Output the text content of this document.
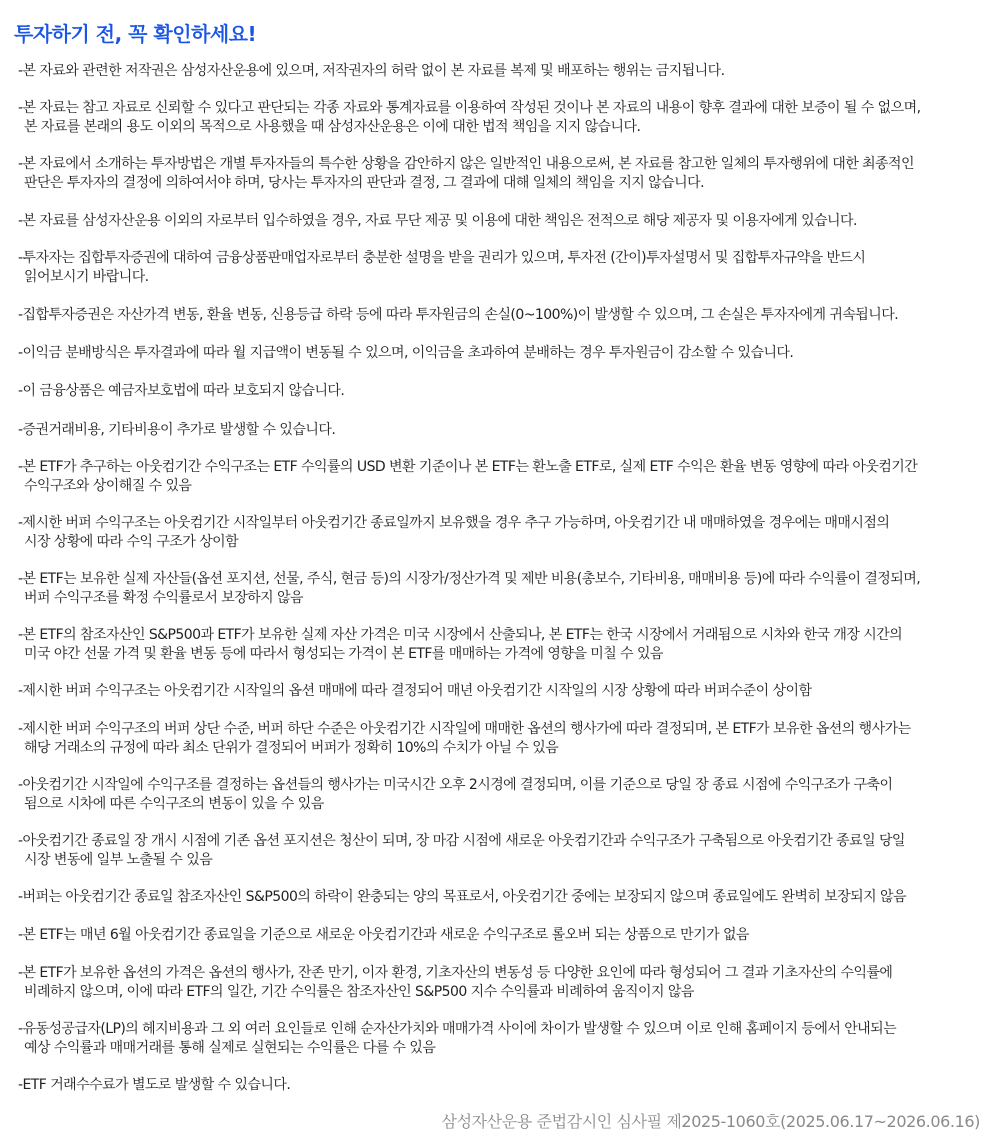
투자하기 전, 꼭 확인하세요!
-본 자료와 관련한 저작권은 삼성자산운용에 있으며, 저작권자의 허락 없이 본 자료를 복제 및 배포하는 행위는 금지됩니다.
-본 자료는 참고 자료로 신뢰할 수 있다고 판단되는 각종 자료와 통계자료를 이용하여 작성된 것이나 본 자료의 내용이 향후 결과에 대한 보증이 될 수 없으며,
본 자료를 본래의 용도 이외의 목적으로 사용했을 때 삼성자산운용은 이에 대한 법적 책임을 지지 않습니다.
-본 자료에서 소개하는 투자방법은 개별 투자자들의 특수한 상황을 감안하지 않은 일반적인 내용으로써, 본 자료를 참고한 일체의 투자행위에 대한 최종적인
판단은 투자자의 결정에 의하여서야 하며, 당사는 투자자의 판단과 결정, 그 결과에 대해 일체의 책임을 지지 않습니다.
-본 자료를 삼성자산운용 이외의 자로부터 입수하였을 경우, 자료 무단 제공 및 이용에 대한 책임은 전적으로 해당 제공자 및 이용자에게 있습니다.
-투자자는 집합투자증권에 대하여 금융상품판매업자로부터 충분한 설명을 받을 권리가 있으며, 투자전 (간이)투자설명서 및 집합투자규약을 반드시
읽어보시기 바랍니다.
-집합투자증권은 자산가격 변동, 환율 변동, 신용등급 하락 등에 따라 투자원금의 손실(0~100%)이 발생할 수 있으며, 그 손실은 투자자에게 귀속됩니다.
-이익금 분배방식은 투자결과에 따라 월 지급액이 변동될 수 있으며, 이익금을 초과하여 분배하는 경우 투자원금이 감소할 수 있습니다.
-이 금융상품은 예금자보호법에 따라 보호되지 않습니다.
-증권거래비용, 기타비용이 추가로 발생할 수 있습니다.
-본 ETF가 추구하는 아웃컴기간 수익구조는 ETF 수익률의 USD 변환 기준이나 본 ETF는 환노출 ETF로, 실제 ETF 수익은 환율 변동 영향에 따라 아웃컴기간
수익구조와 상이해질 수 있음
-제시한 버퍼 수익구조는 아웃컴기간 시작일부터 아웃컴기간 종료일까지 보유했을 경우 추구 가능하며, 아웃컴기간 내 매매하였을 경우에는 매매시점의
시장 상황에 따라 수익 구조가 상이함
-본 ETF는 보유한 실제 자산들(옵션 포지션, 선물, 주식, 현금 등)의 시장가/정산가격 및 제반 비용(총보수, 기타비용, 매매비용 등)에 따라 수익률이 결정되며,
버퍼 수익구조를 확정 수익률로서 보장하지 않음
-본 ETF의 참조자산인 S&P500과 ETF가 보유한 실제 자산 가격은 미국 시장에서 산출되나, 본 ETF는 한국 시장에서 거래됨으로 시차와 한국 개장 시간의
미국 야간 선물 가격 및 환율 변동 등에 따라서 형성되는 가격이 본 ETF를 매매하는 가격에 영향을 미칠 수 있음
-제시한 버퍼 수익구조는 아웃컴기간 시작일의 옵션 매매에 따라 결정되어 매년 아웃컴기간 시작일의 시장 상황에 따라 버퍼수준이 상이함
-제시한 버퍼 수익구조의 버퍼 상단 수준, 버퍼 하단 수준은 아웃컴기간 시작일에 매매한 옵션의 행사가에 따라 결정되며, 본 ETF가 보유한 옵션의 행사가는
해당 거래소의 규정에 따라 최소 단위가 결정되어 버퍼가 정확히 10%의 수치가 아닐 수 있음
-아웃컴기간 시작일에 수익구조를 결정하는 옵션들의 행사가는 미국시간 오후 2시경에 결정되며, 이를 기준으로 당일 장 종료 시점에 수익구조가 구축이
됨으로 시차에 따른 수익구조의 변동이 있을 수 있음
-아웃컴기간 종료일 장 개시 시점에 기존 옵션 포지션은 청산이 되며, 장 마감 시점에 새로운 아웃컴기간과 수익구조가 구축됨으로 아웃컴기간 종료일 당일
시장 변동에 일부 노출될 수 있음
-버퍼는 아웃컴기간 종료일 참조자산인 S&P500의 하락이 완충되는 양의 목표로서, 아웃컴기간 중에는 보장되지 않으며 종료일에도 완벽히 보장되지 않음
-본 ETF는 매년 6월 아웃컴기간 종료일을 기준으로 새로운 아웃컴기간과 새로운 수익구조로 롤오버 되는 상품으로 만기가 없음
-본 ETF가 보유한 옵션의 가격은 옵션의 행사가, 잔존 만기, 이자 환경, 기초자산의 변동성 등 다양한 요인에 따라 형성되어 그 결과 기초자산의 수익률에
비례하지 않으며, 이에 따라 ETF의 일간, 기간 수익률은 참조자산인 S&P500 지수 수익률과 비례하여 움직이지 않음
-유동성공급자(LP)의 헤지비용과 그 외 여러 요인들로 인해 순자산가치와 매매가격 사이에 차이가 발생할 수 있으며 이로 인해 홈페이지 등에서 안내되는
예상 수익률과 매매거래를 통해 실제로 실현되는 수익률은 다를 수 있음
-ETF 거래수수료가 별도로 발생할 수 있습니다.
삼성자산운용 준법감시인 심사필 제2025-1060호(2025.06.17~2026.06.16)
